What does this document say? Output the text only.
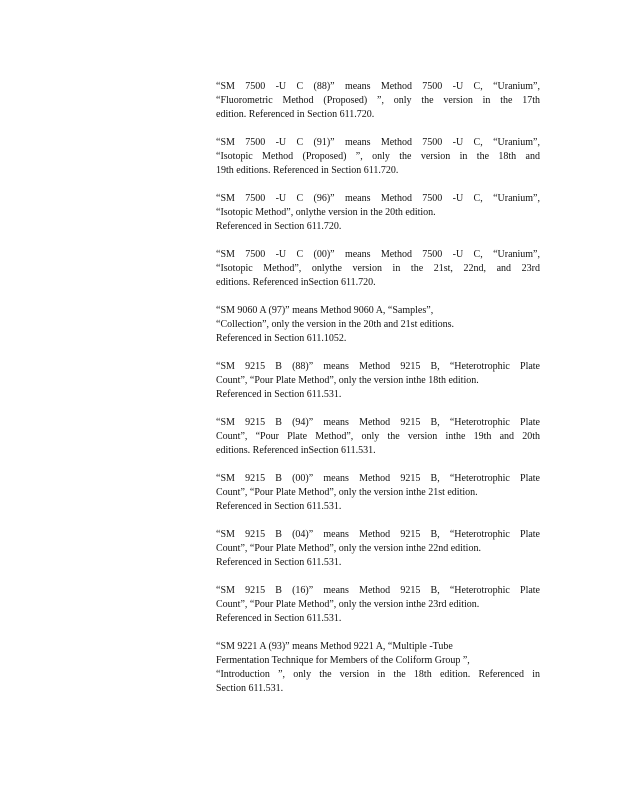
“SM 7500 -U C (88)” means Method 7500 -U C, “Uranium”,
“Fluorometric Method (Proposed) ”, only the version in the 17th
edition. Referenced in Section 611.720.
“SM 7500 -U C (91)” means Method 7500 -U C, “Uranium”,
“Isotopic Method (Proposed) ”, only the version in the 18th and
19th editions. Referenced in Section 611.720.
“SM 7500 -U C (96)” means Method 7500 -U C, “Uranium”,
“Isotopic Method”, onlythe version in the 20th edition.
Referenced in Section 611.720.
“SM 7500 -U C (00)” means Method 7500 -U C, “Uranium”,
“Isotopic Method”, onlythe version in the 21st, 22nd, and 23rd
editions. Referenced inSection 611.720.
“SM 9060 A (97)” means Method 9060 A, “Samples”,
“Collection”, only the version in the 20th and 21st editions.
Referenced in Section 611.1052.
“SM 9215 B (88)” means Method 9215 B, “Heterotrophic Plate
Count”, “Pour Plate Method”, only the version inthe 18th edition.
Referenced in Section 611.531.
“SM 9215 B (94)” means Method 9215 B, “Heterotrophic Plate
Count”, “Pour Plate Method”, only the version inthe 19th and 20th
editions. Referenced inSection 611.531.
“SM 9215 B (00)” means Method 9215 B, “Heterotrophic Plate
Count”, “Pour Plate Method”, only the version inthe 21st edition.
Referenced in Section 611.531.
“SM 9215 B (04)” means Method 9215 B, “Heterotrophic Plate
Count”, “Pour Plate Method”, only the version inthe 22nd edition.
Referenced in Section 611.531.
“SM 9215 B (16)” means Method 9215 B, “Heterotrophic Plate
Count”, “Pour Plate Method”, only the version inthe 23rd edition.
Referenced in Section 611.531.
“SM 9221 A (93)” means Method 9221 A, “Multiple -Tube
Fermentation Technique for Members of the Coliform Group ”,
“Introduction ”, only the version in the 18th edition. Referenced in
Section 611.531.
